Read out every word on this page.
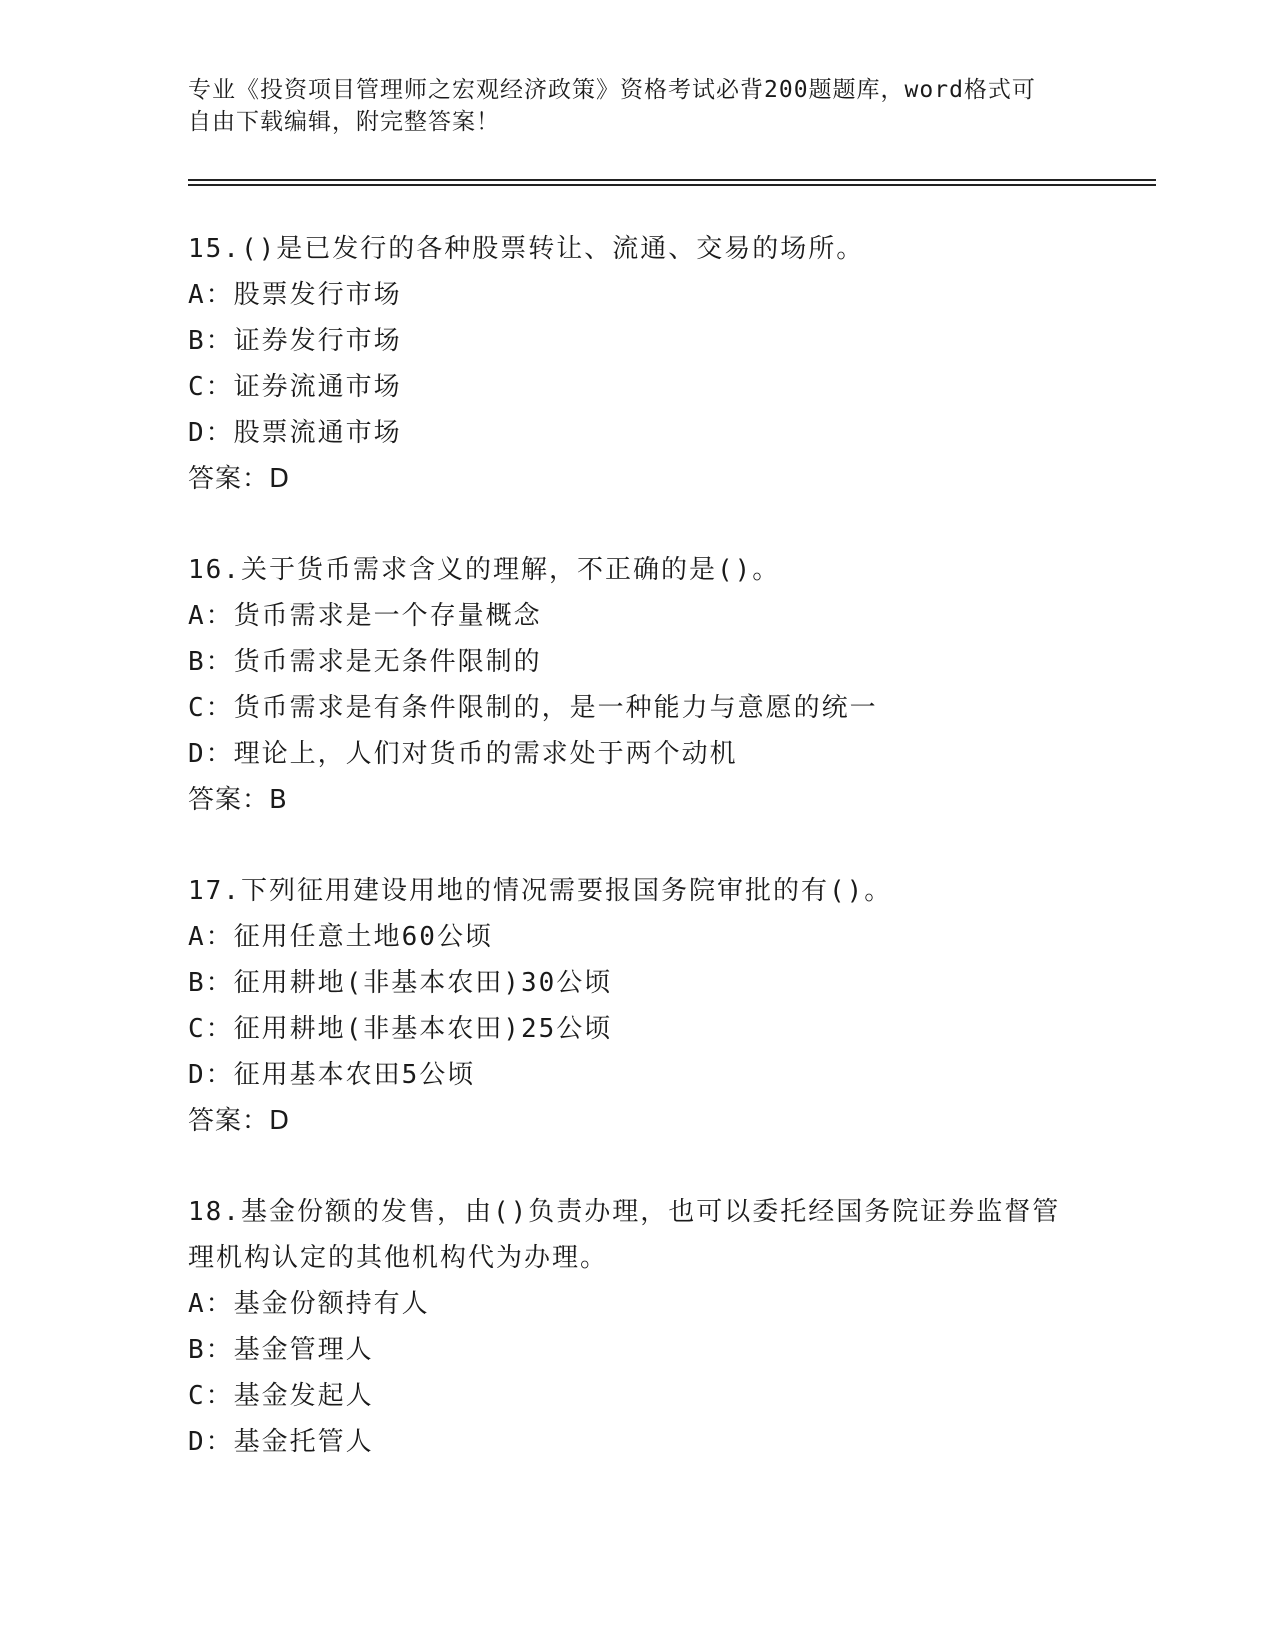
专业《投资项目管理师之宏观经济政策》资格考试必背200题题库，word格式可
自由下载编辑，附完整答案！
15.()是已发行的各种股票转让、流通、交易的场所。
A：股票发行市场
B：证券发行市场
C：证券流通市场
D：股票流通市场
答案：D
16.关于货币需求含义的理解，不正确的是()。
A：货币需求是一个存量概念
B：货币需求是无条件限制的
C：货币需求是有条件限制的，是一种能力与意愿的统一
D：理论上，人们对货币的需求处于两个动机
答案：B
17.下列征用建设用地的情况需要报国务院审批的有()。
A：征用任意土地60公顷
B：征用耕地(非基本农田)30公顷
C：征用耕地(非基本农田)25公顷
D：征用基本农田5公顷
答案：D
18.基金份额的发售，由()负责办理，也可以委托经国务院证券监督管
理机构认定的其他机构代为办理。
A：基金份额持有人
B：基金管理人
C：基金发起人
D：基金托管人
